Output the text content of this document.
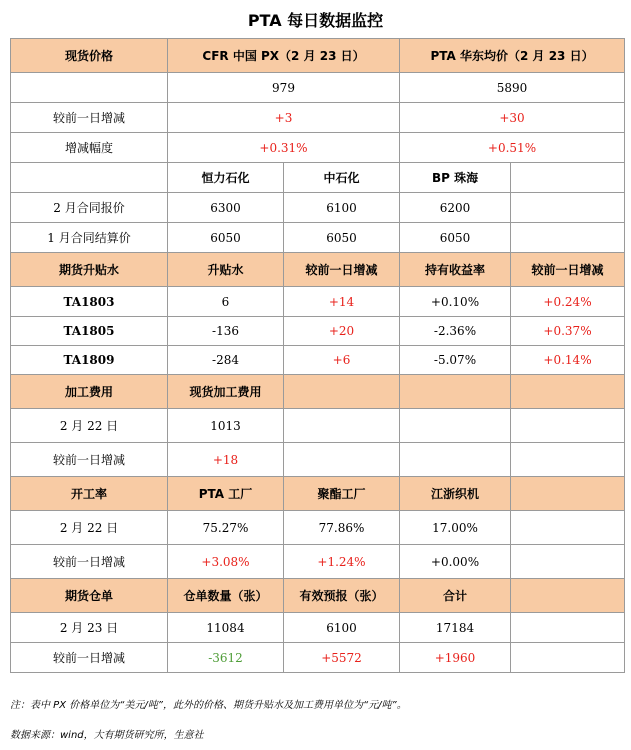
PTA 每日数据监控
现货价格	CFR 中国 PX（2 月 23 日）		PTA 华东均价（2 月 23 日）	
	979		5890	
较前一日增减	+3		+30	
增减幅度	+0.31%		+0.51%	
	恒力石化	中石化	BP 珠海	
2 月合同报价	6300	6100	6200	
1 月合同结算价	6050	6050	6050	
期货升贴水	升贴水	较前一日增减	持有收益率	较前一日增减
TA1803	6	+14	+0.10%	+0.24%
TA1805	-136	+20	-2.36%	+0.37%
TA1809	-284	+6	-5.07%	+0.14%
加工费用	现货加工费用			
2 月 22 日	1013			
较前一日增减	+18			
开工率	PTA 工厂	聚酯工厂	江浙织机	
2 月 22 日	75.27%	77.86%	17.00%	
较前一日增减	+3.08%	+1.24%	+0.00%	
期货仓单	仓单数量（张）	有效预报（张）	合计	
2 月 23 日	11084	6100	17184	
较前一日增减	-3612	+5572	+1960	
注：表中 PX 价格单位为“美元/吨”，此外的价格、期货升贴水及加工费用单位为“元/吨”。
数据来源：wind，大有期货研究所，生意社
